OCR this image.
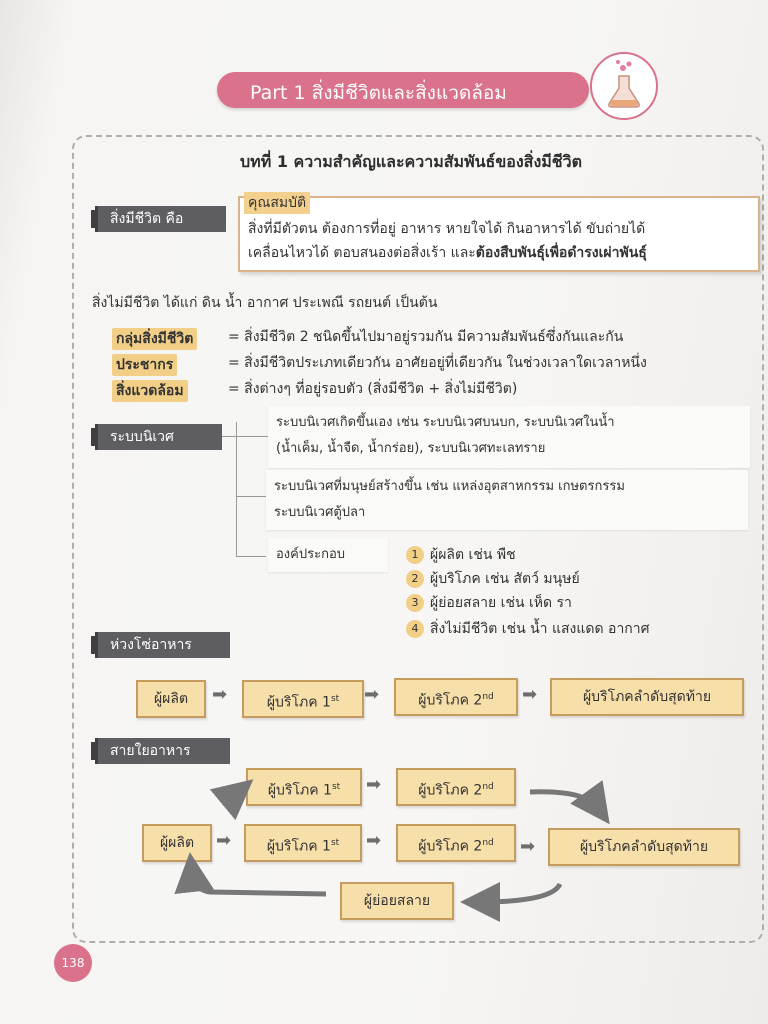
Part 1 สิ่งมีชีวิตและสิ่งแวดล้อม
บทที่ 1 ความสำคัญและความสัมพันธ์ของสิ่งมีชีวิต
สิ่งมีชีวิต คือ
คุณสมบัติ
สิ่งที่มีตัวตน ต้องการที่อยู่ อาหาร หายใจได้ กินอาหารได้ ขับถ่ายได้
เคลื่อนไหวได้ ตอบสนองต่อสิ่งเร้า และต้องสืบพันธุ์เพื่อดำรงเผ่าพันธุ์
สิ่งไม่มีชีวิต ได้แก่ ดิน น้ำ อากาศ ประเพณี รถยนต์ เป็นต้น
กลุ่มสิ่งมีชีวิต = สิ่งมีชีวิต 2 ชนิดขึ้นไปมาอยู่รวมกัน มีความสัมพันธ์ซึ่งกันและกัน
ประชากร	= สิ่งมีชีวิตประเภทเดียวกัน อาศัยอยู่ที่เดียวกัน ในช่วงเวลาใดเวลาหนึ่ง
สิ่งแวดล้อม	= สิ่งต่างๆ ที่อยู่รอบตัว (สิ่งมีชีวิต + สิ่งไม่มีชีวิต)
ระบบนิเวศ
ระบบนิเวศเกิดขึ้นเอง เช่น ระบบนิเวศบนบก, ระบบนิเวศในน้ำ
(น้ำเค็ม, น้ำจืด, น้ำกร่อย), ระบบนิเวศทะเลทราย
ระบบนิเวศที่มนุษย์สร้างขึ้น เช่น แหล่งอุตสาหกรรม เกษตรกรรม
ระบบนิเวศตู้ปลา
องค์ประกอบ	1 ผู้ผลิต เช่น พืช
2 ผู้บริโภค เช่น สัตว์ มนุษย์
3 ผู้ย่อยสลาย เช่น เห็ด รา
4 สิ่งไม่มีชีวิต เช่น น้ำ แสงแดด อากาศ
ห่วงโซ่อาหาร
ผู้ผลิต	➡	ผู้บริโภค 1st	➡	ผู้บริโภค 2nd	➡	ผู้บริโภคลำดับสุดท้าย
สายใยอาหาร
ผู้บริโภค 1st	➡	ผู้บริโภค 2nd
ผู้ผลิต	➡	ผู้บริโภค 1st	➡	ผู้บริโภค 2nd	➡	ผู้บริโภคลำดับสุดท้าย
ผู้ย่อยสลาย
138
